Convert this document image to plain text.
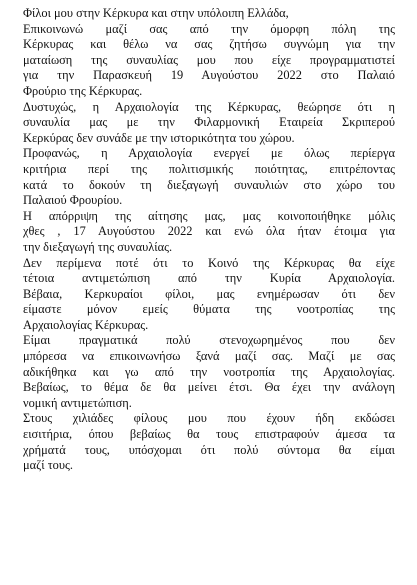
Φίλοι μου στην Κέρκυρα και στην υπόλοιπη Ελλάδα,
Επικοινωνώ μαζί σας από την όμορφη πόλη της
Κέρκυρας και θέλω να σας ζητήσω συγνώμη για την
ματαίωση της συναυλίας μου που είχε προγραμματιστεί
για την Παρασκευή 19 Αυγούστου 2022 στο Παλαιό
Φρούριο της Κέρκυρας.
Δυστυχώς, η Αρχαιολογία της Κέρκυρας, θεώρησε ότι η
συναυλία μας με την Φιλαρμονική Εταιρεία Σκριπερού
Κερκύρας δεν συνάδε με την ιστορικότητα του χώρου.
Προφανώς, η Αρχαιολογία ενεργεί με όλως περίεργα
κριτήρια περί της πολιτισμικής ποιότητας, επιτρέποντας
κατά το δοκούν τη διεξαγωγή συναυλιών στο χώρο του
Παλαιού Φρουρίου.
Η απόρριψη της αίτησης μας, μας κοινοποιήθηκε μόλις
χθες , 17 Αυγούστου 2022 και ενώ όλα ήταν έτοιμα για
την διεξαγωγή της συναυλίας.
Δεν περίμενα ποτέ ότι το Κοινό της Κέρκυρας θα είχε
τέτοια αντιμετώπιση από την Κυρία Αρχαιολογία.
Βέβαια, Κερκυραίοι φίλοι, μας ενημέρωσαν ότι δεν
είμαστε μόνον εμείς θύματα της νοοτροπίας της
Αρχαιολογίας Κέρκυρας.
Είμαι πραγματικά πολύ στενοχωρημένος που δεν
μπόρεσα να επικοινωνήσω ξανά μαζί σας. Μαζί με σας
αδικήθηκα και γω από την νοοτροπία της Αρχαιολογίας.
Βεβαίως, το θέμα δε θα μείνει έτσι. Θα έχει την ανάλογη
νομική αντιμετώπιση.
Στους χιλιάδες φίλους μου που έχουν ήδη εκδώσει
εισιτήρια, όπου βεβαίως θα τους επιστραφούν άμεσα τα
χρήματά τους, υπόσχομαι ότι πολύ σύντομα θα είμαι
μαζί τους.
